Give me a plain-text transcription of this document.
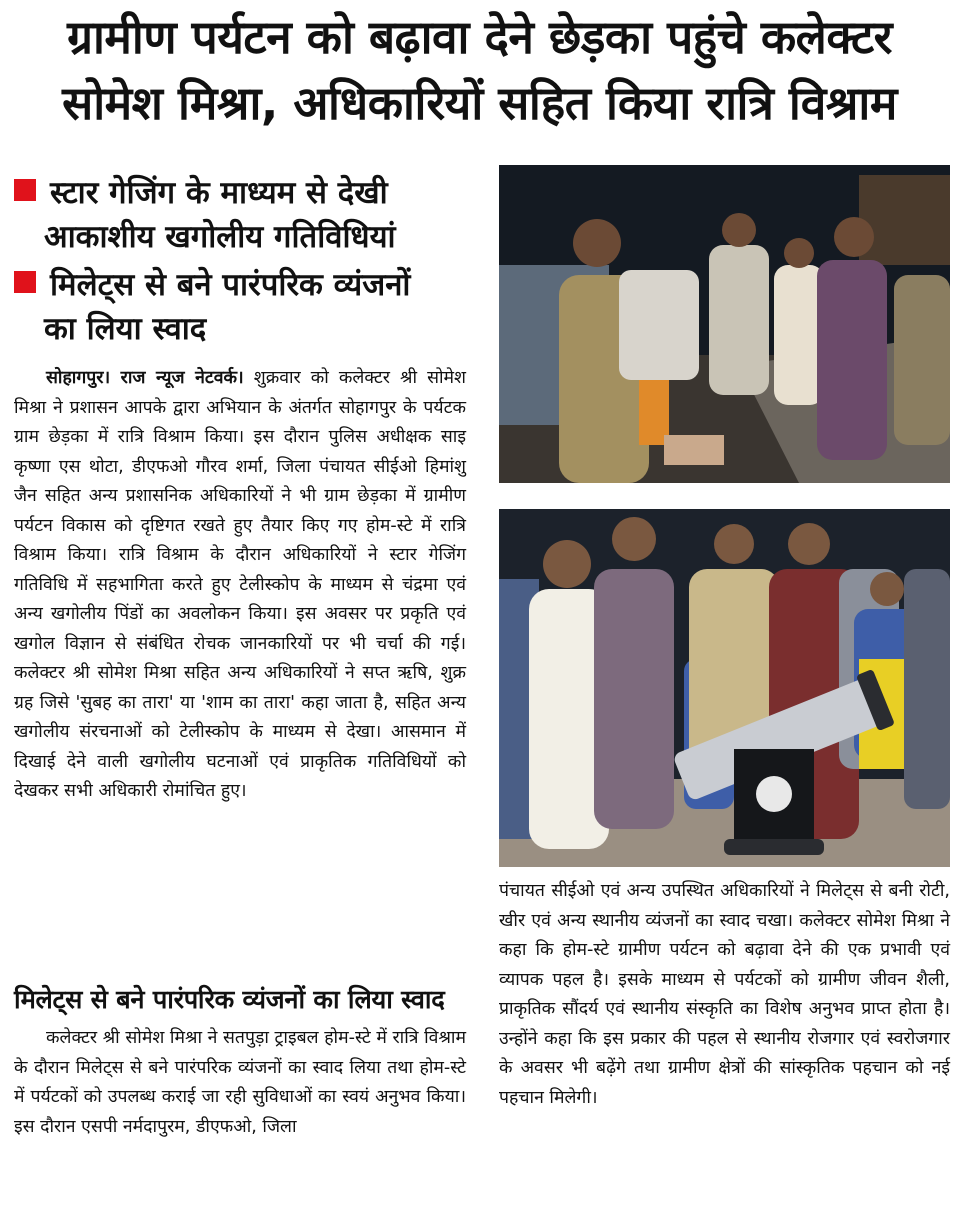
ग्रामीण पर्यटन को बढ़ावा देने छेड़का पहुंचे कलेक्टर
सोमेश मिश्रा, अधिकारियों सहित किया रात्रि विश्राम

स्टार गेजिंग के माध्यम से देखी
आकाशीय खगोलीय गतिविधियां

मिलेट्स से बने पारंपरिक व्यंजनों
का लिया स्वाद

सोहागपुर। राज न्यूज नेटवर्क। शुक्रवार को कलेक्टर श्री सोमेश मिश्रा ने प्रशासन आपके द्वारा अभियान के अंतर्गत सोहागपुर के पर्यटक ग्राम छेड़का में रात्रि विश्राम किया। इस दौरान पुलिस अधीक्षक साइ कृष्णा एस थोटा, डीएफओ गौरव शर्मा, जिला पंचायत सीईओ हिमांशु जैन सहित अन्य प्रशासनिक अधिकारियों ने भी ग्राम छेड़का में ग्रामीण पर्यटन विकास को दृष्टिगत रखते हुए तैयार किए गए होम-स्टे में रात्रि विश्राम किया। रात्रि विश्राम के दौरान अधिकारियों ने स्टार गेजिंग गतिविधि में सहभागिता करते हुए टेलीस्कोप के माध्यम से चंद्रमा एवं अन्य खगोलीय पिंडों का अवलोकन किया। इस अवसर पर प्रकृति एवं खगोल विज्ञान से संबंधित रोचक जानकारियों पर भी चर्चा की गई। कलेक्टर श्री सोमेश मिश्रा सहित अन्य अधिकारियों ने सप्त ऋषि, शुक्र ग्रह जिसे 'सुबह का तारा' या 'शाम का तारा' कहा जाता है, सहित अन्य खगोलीय संरचनाओं को टेलीस्कोप के माध्यम से देखा। आसमान में दिखाई देने वाली खगोलीय घटनाओं एवं प्राकृतिक गतिविधियों को देखकर सभी अधिकारी रोमांचित हुए।

मिलेट्स से बने पारंपरिक व्यंजनों का लिया स्वाद

कलेक्टर श्री सोमेश मिश्रा ने सतपुड़ा ट्राइबल होम-स्टे में रात्रि विश्राम के दौरान मिलेट्स से बने पारंपरिक व्यंजनों का स्वाद लिया तथा होम-स्टे में पर्यटकों को उपलब्ध कराई जा रही सुविधाओं का स्वयं अनुभव किया। इस दौरान एसपी नर्मदापुरम, डीएफओ, जिला

पंचायत सीईओ एवं अन्य उपस्थित अधिकारियों ने मिलेट्स से बनी रोटी, खीर एवं अन्य स्थानीय व्यंजनों का स्वाद चखा। कलेक्टर सोमेश मिश्रा ने कहा कि होम-स्टे ग्रामीण पर्यटन को बढ़ावा देने की एक प्रभावी एवं व्यापक पहल है। इसके माध्यम से पर्यटकों को ग्रामीण जीवन शैली, प्राकृतिक सौंदर्य एवं स्थानीय संस्कृति का विशेष अनुभव प्राप्त होता है। उन्होंने कहा कि इस प्रकार की पहल से स्थानीय रोजगार एवं स्वरोजगार के अवसर भी बढ़ेंगे तथा ग्रामीण क्षेत्रों की सांस्कृतिक पहचान को नई पहचान मिलेगी।
